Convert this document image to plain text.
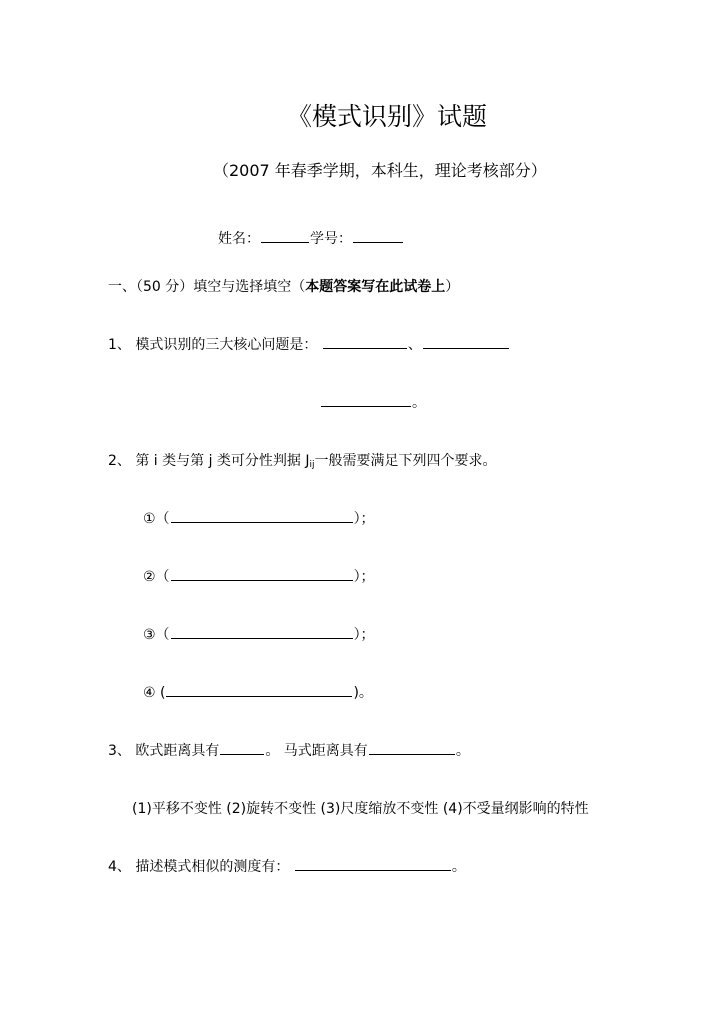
《模式识别》试题
（2007 年春季学期，本科生，理论考核部分）
姓名：	学号：
一、（50 分）填空与选择填空（本题答案写在此试卷上）
1、 模式识别的三大核心问题是：	、
。
2、 第 i 类与第 j 类可分性判据 $J_{ij}$一般需要满足下列四个要求。
①（	）；
②（	）；
③（	）；
④ (	)。
3、 欧式距离具有	。 马式距离具有	。
(1)平移不变性 (2)旋转不变性 (3)尺度缩放不变性 (4)不受量纲影响的特性
4、 描述模式相似的测度有：	。
